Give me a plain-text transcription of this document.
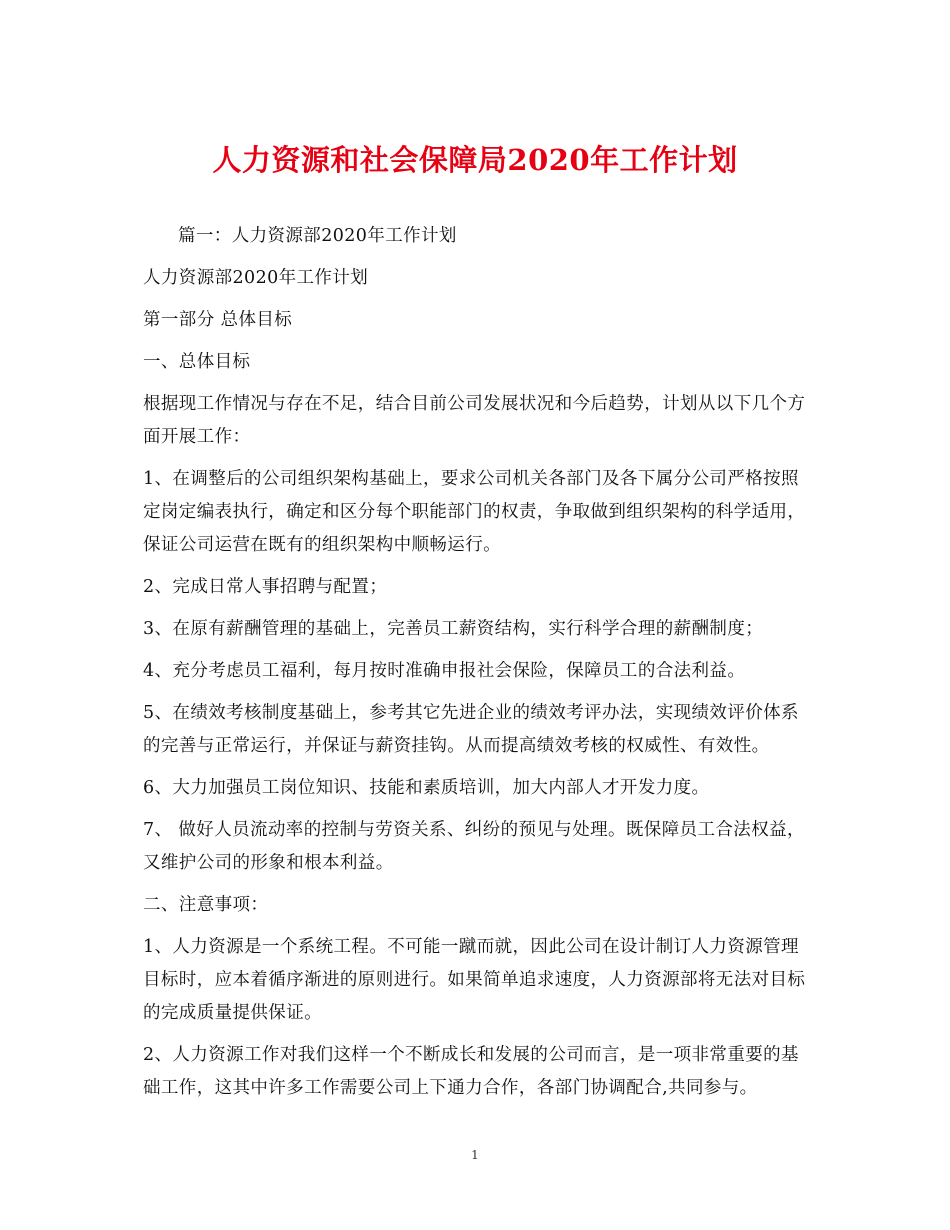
人力资源和社会保障局2020年工作计划

篇一：人力资源部2020年工作计划

人力资源部2020年工作计划

第一部分 总体目标

一、总体目标

根据现工作情况与存在不足，结合目前公司发展状况和今后趋势，计划从以下几个方面开展工作：

1、在调整后的公司组织架构基础上，要求公司机关各部门及各下属分公司严格按照定岗定编表执行，确定和区分每个职能部门的权责，争取做到组织架构的科学适用，保证公司运营在既有的组织架构中顺畅运行。

2、完成日常人事招聘与配置；

3、在原有薪酬管理的基础上，完善员工薪资结构，实行科学合理的薪酬制度；

4、充分考虑员工福利，每月按时准确申报社会保险，保障员工的合法利益。

5、在绩效考核制度基础上，参考其它先进企业的绩效考评办法，实现绩效评价体系的完善与正常运行，并保证与薪资挂钩。从而提高绩效考核的权威性、有效性。

6、大力加强员工岗位知识、技能和素质培训，加大内部人才开发力度。

7、 做好人员流动率的控制与劳资关系、纠纷的预见与处理。既保障员工合法权益，又维护公司的形象和根本利益。

二、注意事项：

1、人力资源是一个系统工程。不可能一蹴而就，因此公司在设计制订人力资源管理目标时，应本着循序渐进的原则进行。如果简单追求速度，人力资源部将无法对目标的完成质量提供保证。

2、人力资源工作对我们这样一个不断成长和发展的公司而言，是一项非常重要的基础工作，这其中许多工作需要公司上下通力合作，各部门协调配合,共同参与。

1
